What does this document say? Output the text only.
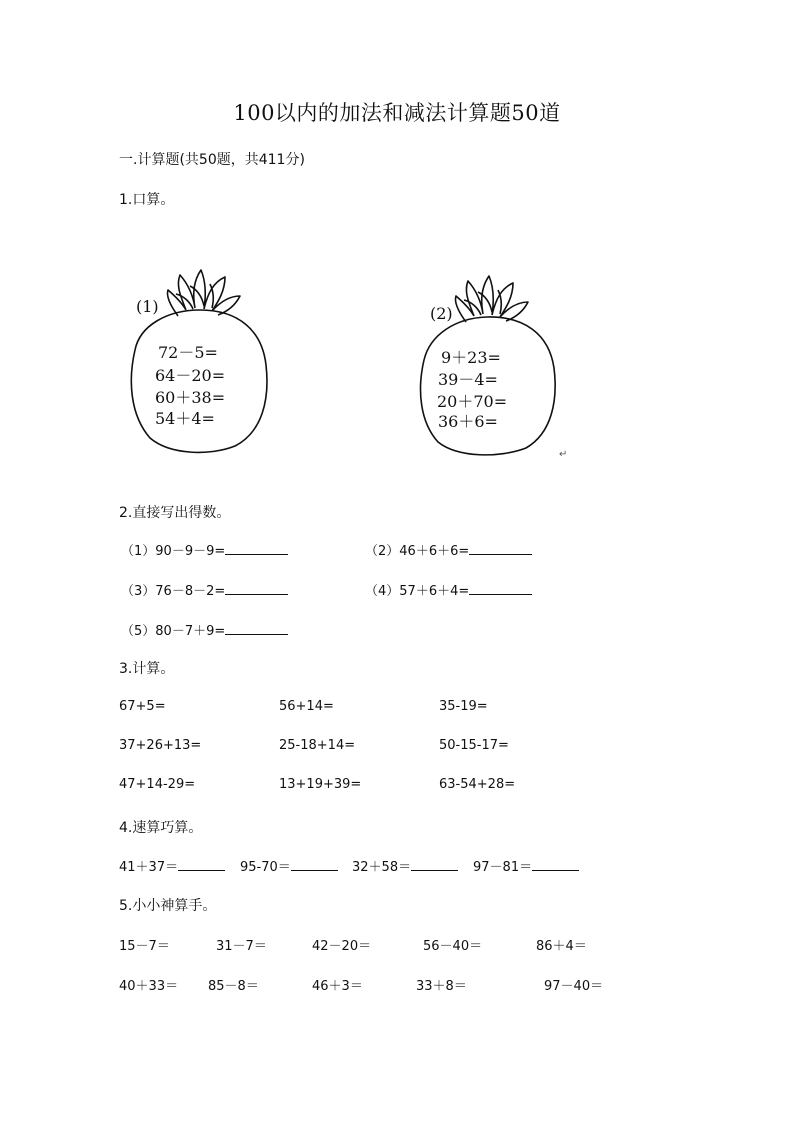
100以内的加法和减法计算题50道
一.计算题(共50题，共411分)
1.口算。
(1)
72－5=
64－20=
60＋38=
54＋4=
(2)
9＋23=
39－4=
20＋70=
36＋6=
↵
2.直接写出得数。
（1）90－9－9=	（2）46＋6＋6=
（3）76－8－2=	（4）57＋6＋4=
（5）80－7＋9=
3.计算。
67+5=	56+14=	35-19=
37+26+13=	25-18+14=	50-15-17=
47+14-29=	13+19+39=	63-54+28=
4.速算巧算。
41＋37＝	95-70＝	32＋58＝	97－81＝
5.小小神算手。
15－7＝	31－7＝	42－20＝	56－40＝	86＋4＝
40＋33＝ 85－8＝	46＋3＝	33＋8＝	97－40＝
